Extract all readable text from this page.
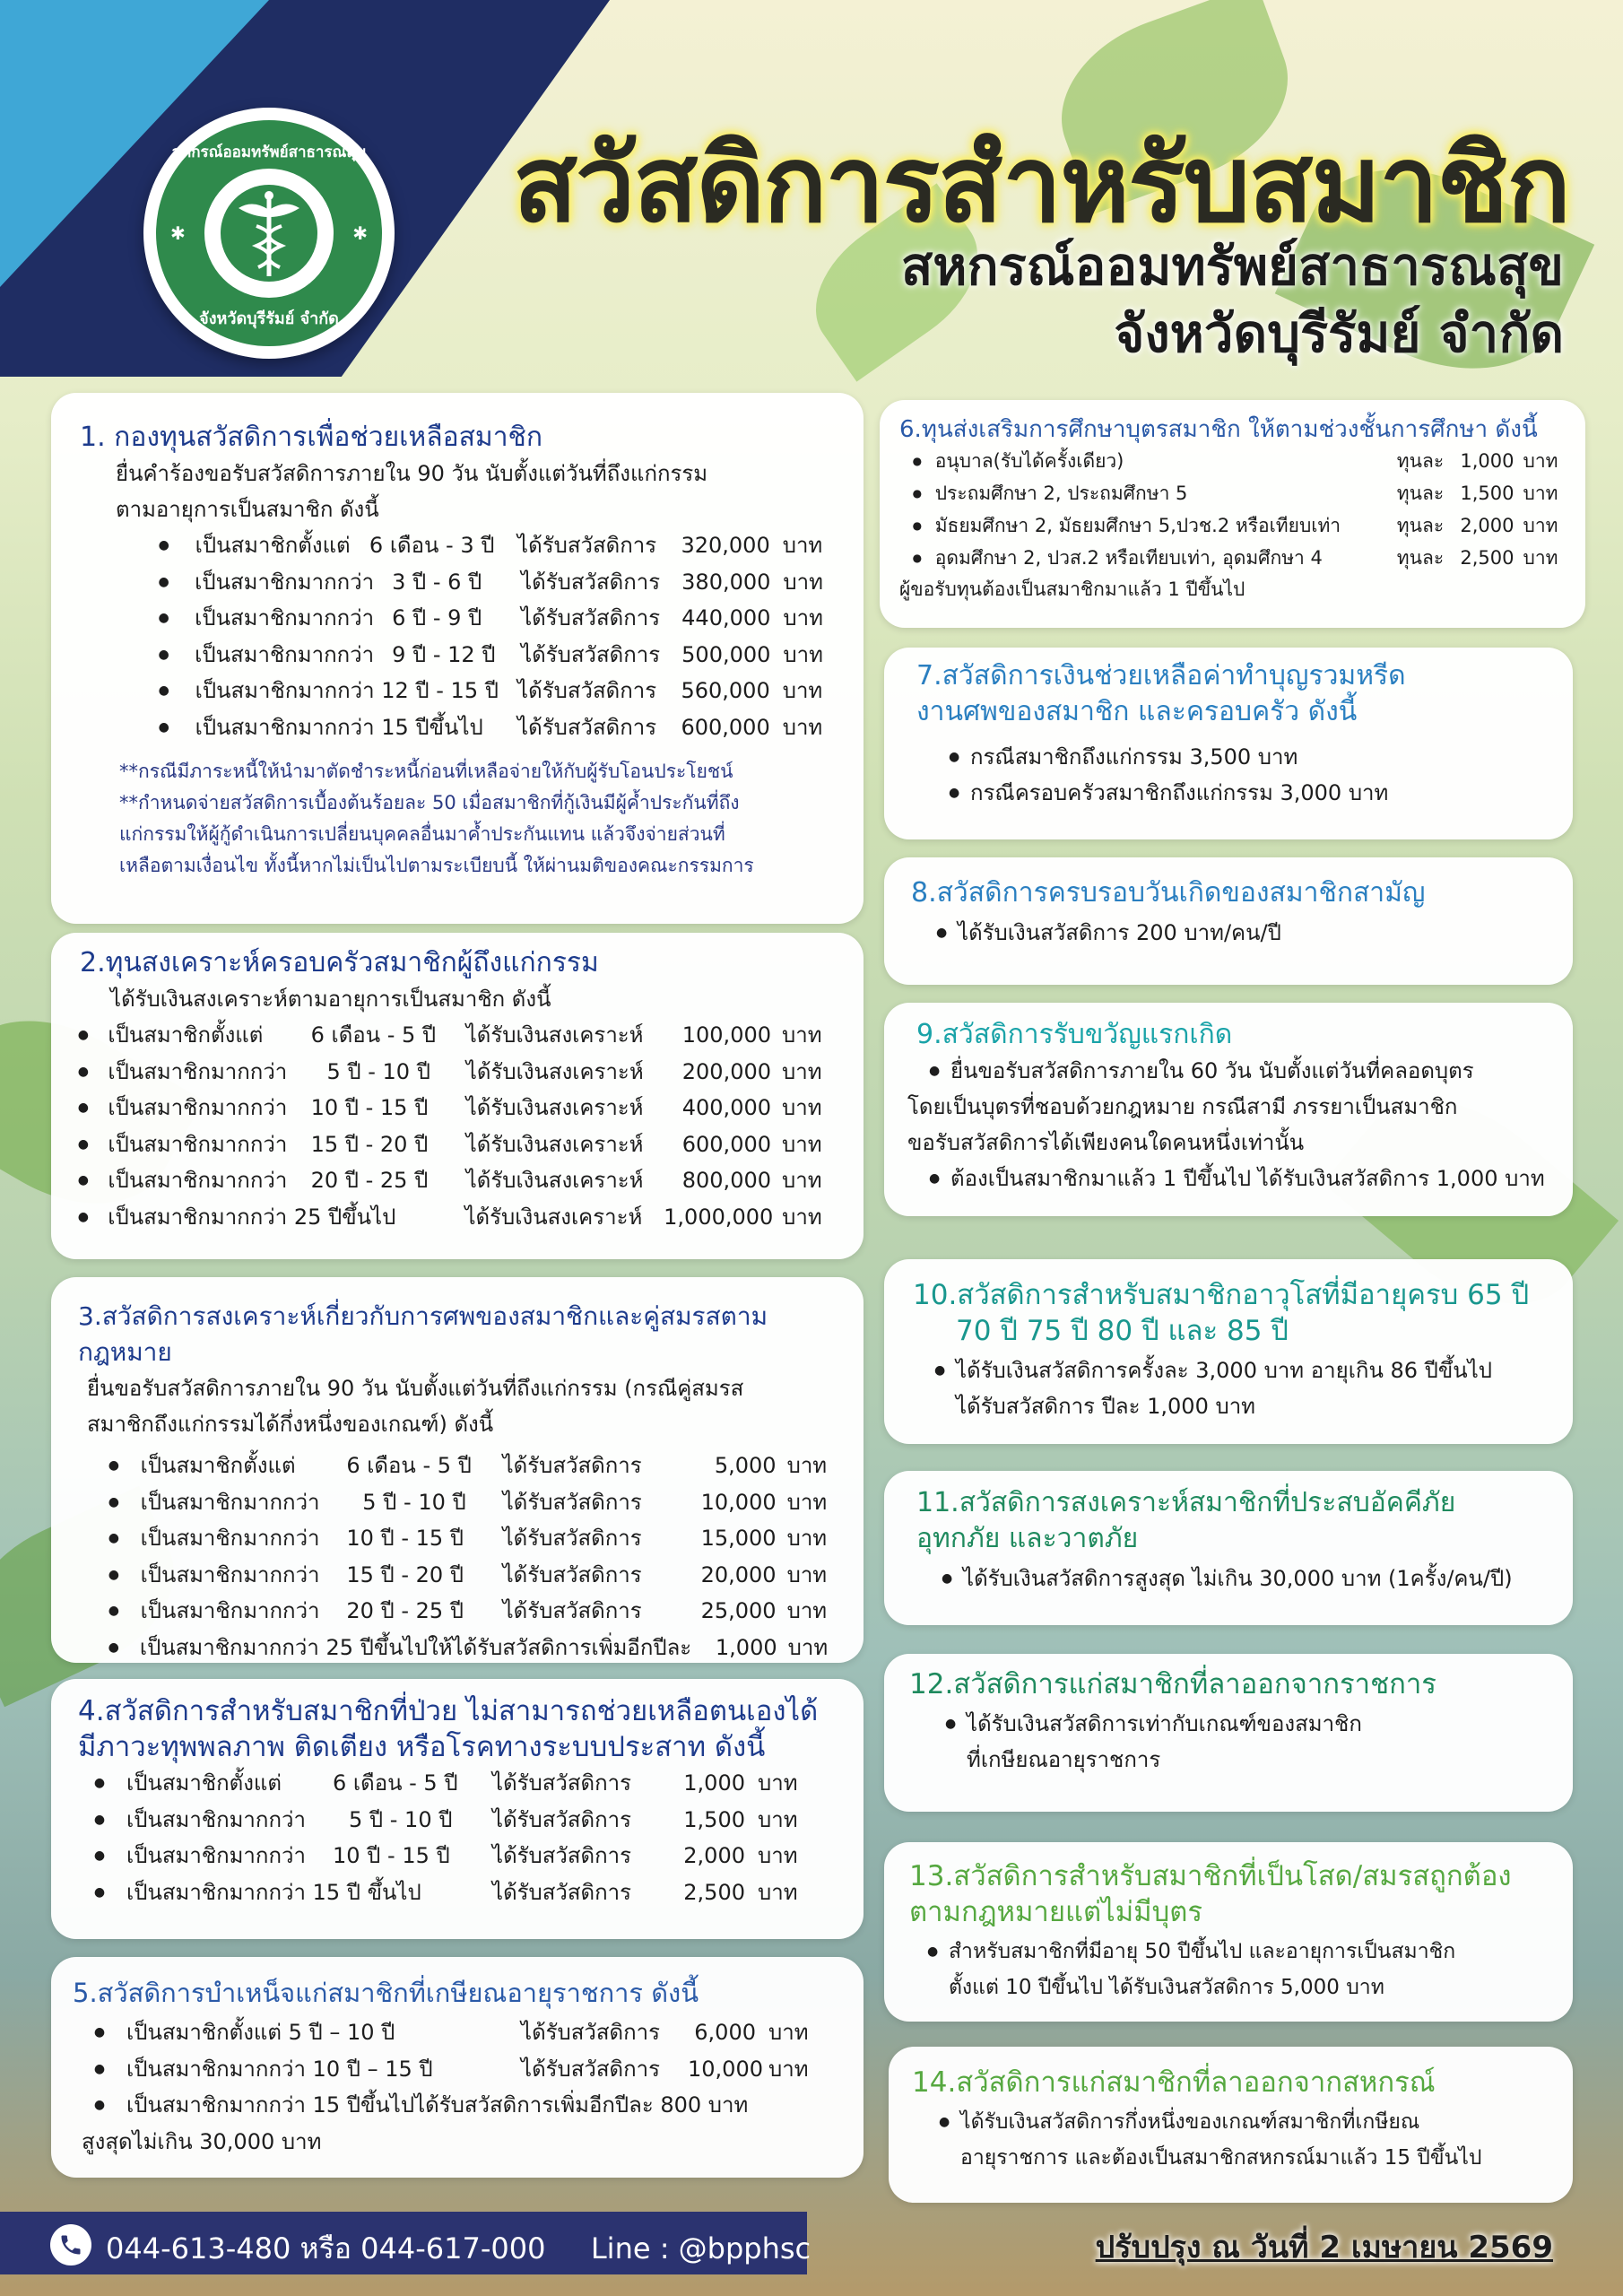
สหกรณ์ออมทรัพย์สาธารณสุข
✱	✱
จังหวัดบุรีรัมย์ จำกัด
สวัสดิการสำหรับสมาชิก
สหกรณ์ออมทรัพย์สาธารณสุข
จังหวัดบุรีรัมย์ จำกัด
1. กองทุนสวัสดิการเพื่อช่วยเหลือสมาชิก

ยื่นคำร้องขอรับสวัสดิการภายใน 90 วัน นับตั้งแต่วันที่ถึงแก่กรรม

ตามอายุการเป็นสมาชิก ดังนี้

● เป็นสมาชิกตั้งแต่ 6 เดือน - 3 ปี	ได้รับสวัสดิการ	320,000 บาท
● เป็นสมาชิกมากกว่า 3 ปี - 6 ปี	ได้รับสวัสดิการ	380,000 บาท
● เป็นสมาชิกมากกว่า 6 ปี - 9 ปี	ได้รับสวัสดิการ	440,000 บาท
● เป็นสมาชิกมากกว่า 9 ปี - 12 ปี	ได้รับสวัสดิการ	500,000 บาท
● เป็นสมาชิกมากกว่า 12 ปี - 15 ปี ได้รับสวัสดิการ	560,000 บาท
● เป็นสมาชิกมากกว่า 15 ปีขึ้นไป	ได้รับสวัสดิการ	600,000 บาท
**กรณีมีภาระหนี้ให้นำมาตัดชำระหนี้ก่อนที่เหลือจ่ายให้กับผู้รับโอนประโยชน์
**กำหนดจ่ายสวัสดิการเบื้องต้นร้อยละ 50 เมื่อสมาชิกที่กู้เงินมีผู้ค้ำประกันที่ถึง
แก่กรรมให้ผู้กู้ดำเนินการเปลี่ยนบุคคลอื่นมาค้ำประกันแทน แล้วจึงจ่ายส่วนที่
เหลือตามเงื่อนไข ทั้งนี้หากไม่เป็นไปตามระเบียบนี้ ให้ผ่านมติของคณะกรรมการ
2.ทุนสงเคราะห์ครอบครัวสมาชิกผู้ถึงแก่กรรม

ได้รับเงินสงเคราะห์ตามอายุการเป็นสมาชิก ดังนี้

● เป็นสมาชิกตั้งแต่	6 เดือน - 5 ปี	ได้รับเงินสงเคราะห์	100,000 บาท
● เป็นสมาชิกมากกว่า	5 ปี - 10 ปี	ได้รับเงินสงเคราะห์	200,000 บาท
● เป็นสมาชิกมากกว่า	10 ปี - 15 ปี	ได้รับเงินสงเคราะห์	400,000 บาท
● เป็นสมาชิกมากกว่า	15 ปี - 20 ปี	ได้รับเงินสงเคราะห์	600,000 บาท
● เป็นสมาชิกมากกว่า	20 ปี - 25 ปี	ได้รับเงินสงเคราะห์	800,000 บาท
● เป็นสมาชิกมากกว่า 25 ปีขึ้นไป	ได้รับเงินสงเคราะห์ 1,000,000 บาท
3.สวัสดิการสงเคราะห์เกี่ยวกับการศพของสมาชิกและคู่สมรสตามกฎหมาย

ยื่นขอรับสวัสดิการภายใน 90 วัน นับตั้งแต่วันที่ถึงแก่กรรม (กรณีคู่สมรส

สมาชิกถึงแก่กรรมได้กึ่งหนึ่งของเกณฑ์) ดังนี้

● เป็นสมาชิกตั้งแต่	6 เดือน - 5 ปี	ได้รับสวัสดิการ	5,000 บาท
● เป็นสมาชิกมากกว่า	5 ปี - 10 ปี	ได้รับสวัสดิการ	10,000 บาท
● เป็นสมาชิกมากกว่า	10 ปี - 15 ปี	ได้รับสวัสดิการ	15,000 บาท
● เป็นสมาชิกมากกว่า	15 ปี - 20 ปี	ได้รับสวัสดิการ	20,000 บาท
● เป็นสมาชิกมากกว่า	20 ปี - 25 ปี	ได้รับสวัสดิการ	25,000 บาท
● เป็นสมาชิกมากกว่า 25 ปีขึ้นไปให้ได้รับสวัสดิการเพิ่มอีกปีละ	1,000 บาท
4.สวัสดิการสำหรับสมาชิกที่ป่วย ไม่สามารถช่วยเหลือตนเองได้
มีภาวะทุพพลภาพ ติดเตียง หรือโรคทางระบบประสาท ดังนี้
● เป็นสมาชิกตั้งแต่	6 เดือน - 5 ปี	ได้รับสวัสดิการ	1,000 บาท
● เป็นสมาชิกมากกว่า	5 ปี - 10 ปี	ได้รับสวัสดิการ	1,500 บาท
● เป็นสมาชิกมากกว่า	10 ปี - 15 ปี	ได้รับสวัสดิการ	2,000 บาท
● เป็นสมาชิกมากกว่า 15 ปี ขึ้นไป	ได้รับสวัสดิการ	2,500 บาท
5.สวัสดิการบำเหน็จแก่สมาชิกที่เกษียณอายุราชการ ดังนี้
● เป็นสมาชิกตั้งแต่ 5 ปี – 10 ปี	ได้รับสวัสดิการ	6,000 บาท
● เป็นสมาชิกมากกว่า 10 ปี – 15 ปี	ได้รับสวัสดิการ	10,000 บาท
● เป็นสมาชิกมากกว่า 15 ปีขึ้นไปได้รับสวัสดิการเพิ่มอีกปีละ 800 บาท

สูงสุดไม่เกิน 30,000 บาท

6.ทุนส่งเสริมการศึกษาบุตรสมาชิก ให้ตามช่วงชั้นการศึกษา ดังนี้
● อนุบาล(รับได้ครั้งเดียว)	ทุนละ 1,000 บาท
● ประถมศึกษา 2, ประถมศึกษา 5	ทุนละ 1,500 บาท
● มัธยมศึกษา 2, มัธยมศึกษา 5,ปวช.2 หรือเทียบเท่า	ทุนละ 2,000 บาท
● อุดมศึกษา 2, ปวส.2 หรือเทียบเท่า, อุดมศึกษา 4	ทุนละ 2,500 บาท

ผู้ขอรับทุนต้องเป็นสมาชิกมาแล้ว 1 ปีขึ้นไป

7.สวัสดิการเงินช่วยเหลือค่าทำบุญรวมหรีด
งานศพของสมาชิก และครอบครัว ดังนี้
● กรณีสมาชิกถึงแก่กรรม 3,500 บาท
● กรณีครอบครัวสมาชิกถึงแก่กรรม 3,000 บาท
8.สวัสดิการครบรอบวันเกิดของสมาชิกสามัญ
● ได้รับเงินสวัสดิการ 200 บาท/คน/ปี
9.สวัสดิการรับขวัญแรกเกิด
● ยื่นขอรับสวัสดิการภายใน 60 วัน นับตั้งแต่วันที่คลอดบุตร

โดยเป็นบุตรที่ชอบด้วยกฎหมาย กรณีสามี ภรรยาเป็นสมาชิก

ขอรับสวัสดิการได้เพียงคนใดคนหนึ่งเท่านั้น

● ต้องเป็นสมาชิกมาแล้ว 1 ปีขึ้นไป ได้รับเงินสวัสดิการ 1,000 บาท
10.สวัสดิการสำหรับสมาชิกอาวุโสที่มีอายุครบ 65 ปี
70 ปี 75 ปี 80 ปี และ 85 ปี
● ได้รับเงินสวัสดิการครั้งละ 3,000 บาท อายุเกิน 86 ปีขึ้นไป

ได้รับสวัสดิการ ปีละ 1,000 บาท

11.สวัสดิการสงเคราะห์สมาชิกที่ประสบอัคคีภัย
อุทกภัย และวาตภัย
● ได้รับเงินสวัสดิการสูงสุด ไม่เกิน 30,000 บาท (1ครั้ง/คน/ปี)
12.สวัสดิการแก่สมาชิกที่ลาออกจากราชการ
● ได้รับเงินสวัสดิการเท่ากับเกณฑ์ของสมาชิก

ที่เกษียณอายุราชการ

13.สวัสดิการสำหรับสมาชิกที่เป็นโสด/สมรสถูกต้อง
ตามกฎหมายแต่ไม่มีบุตร
● สำหรับสมาชิกที่มีอายุ 50 ปีขึ้นไป และอายุการเป็นสมาชิก

ตั้งแต่ 10 ปีขึ้นไป ได้รับเงินสวัสดิการ 5,000 บาท

14.สวัสดิการแก่สมาชิกที่ลาออกจากสหกรณ์
● ได้รับเงินสวัสดิการกึ่งหนึ่งของเกณฑ์สมาชิกที่เกษียณ

อายุราชการ และต้องเป็นสมาชิกสหกรณ์มาแล้ว 15 ปีขึ้นไป

044-613-480 หรือ 044-617-000 Line : @bpphsc	ปรับปรุง ณ วันที่ 2 เมษายน 2569
